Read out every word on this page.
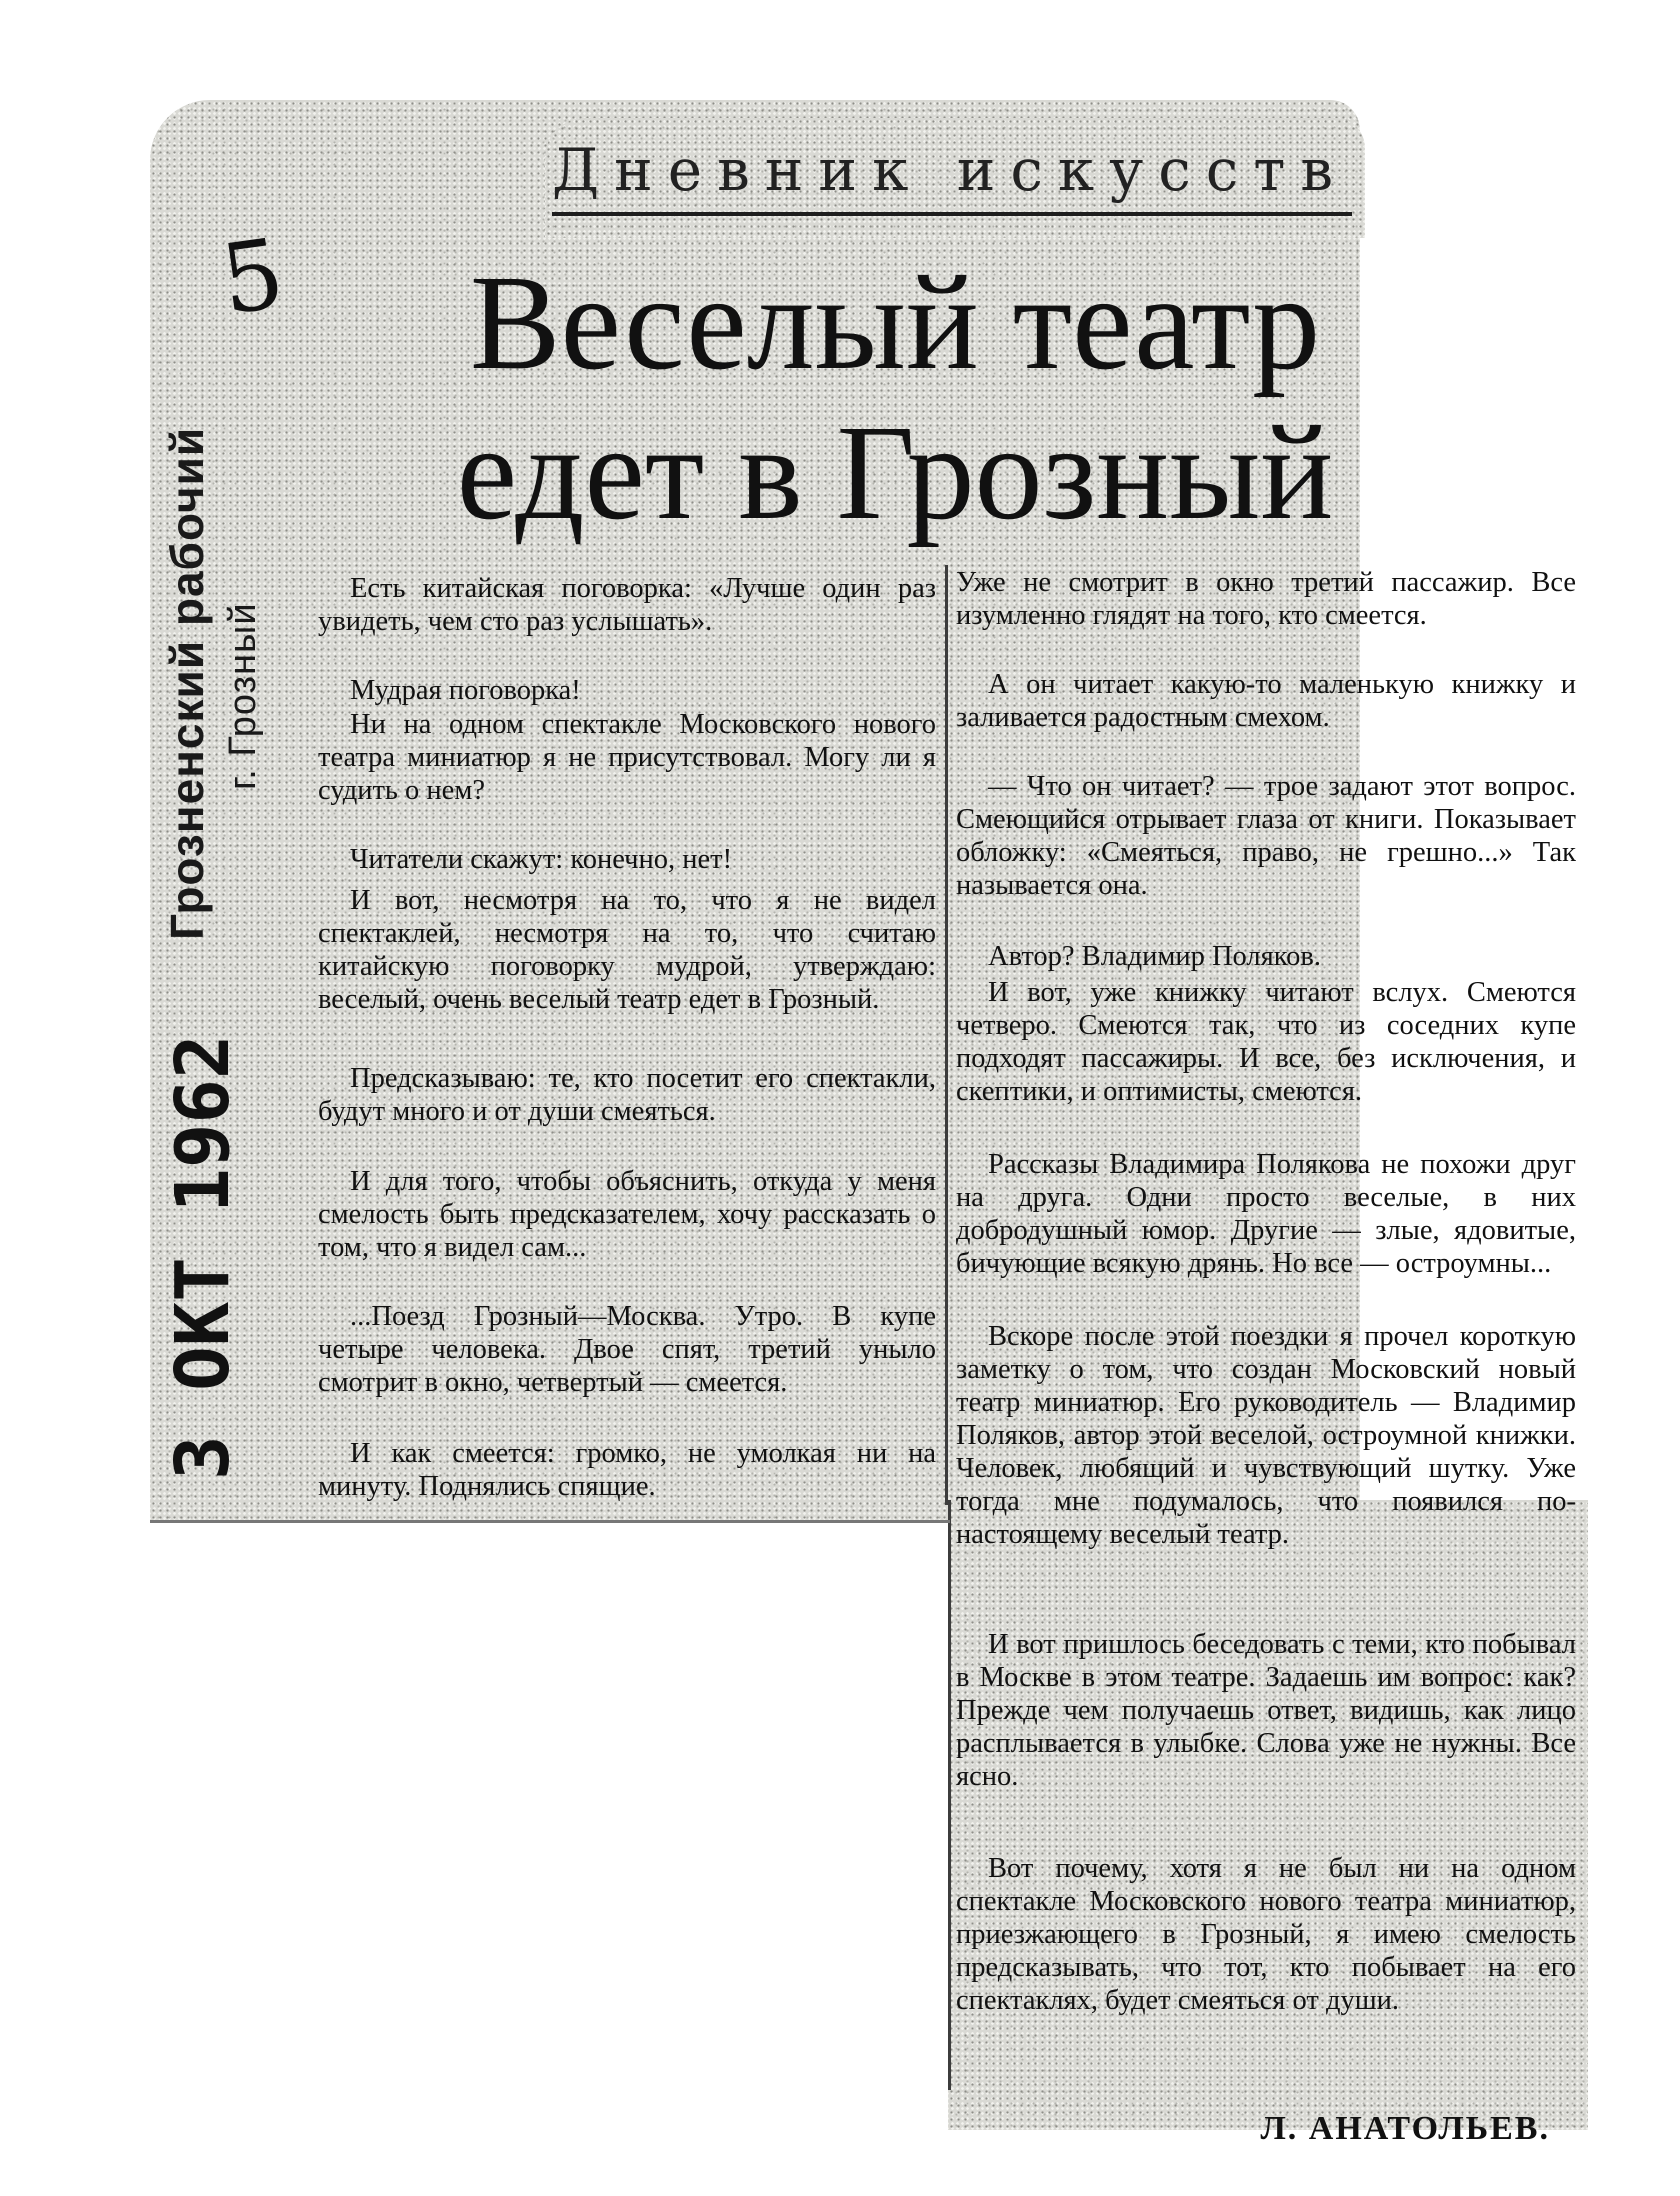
Дневник искусств
5	Веселый театр
едет в Грозный
Грозненский рабочий г. Грозный
3 ОКТ 1962

Есть китайская поговорка: «Лучше один раз увидеть, чем сто раз услышать».

Мудрая поговорка!

Ни на одном спектакле Московского нового театра миниатюр я не присутствовал. Могу ли я судить о нем?

Читатели скажут: конечно, нет!

И вот, несмотря на то, что я не видел спектаклей, несмотря на то, что считаю китайскую поговорку мудрой, утверждаю: веселый, очень веселый театр едет в Грозный.

Предсказываю: те, кто посетит его спектакли, будут много и от души смеяться.

И для того, чтобы объяснить, откуда у меня смелость быть предсказателем, хочу рассказать о том, что я видел сам...

...Поезд Грозный—Москва. Утро. В купе четыре человека. Двое спят, третий уныло смотрит в окно, четвертый — смеется.

И как смеется: громко, не умолкая ни на минуту. Поднялись спящие.

Уже не смотрит в окно третий пассажир. Все изумленно глядят на того, кто смеется.

А он читает какую-то маленькую книжку и заливается радостным смехом.

— Что он читает? — трое задают этот вопрос. Смеющийся отрывает глаза от книги. Показывает обложку: «Смеяться, право, не грешно...» Так называется она.

Автор? Владимир Поляков.

И вот, уже книжку читают вслух. Смеются четверо. Смеются так, что из соседних купе подходят пассажиры. И все, без исключения, и скептики, и оптимисты, смеются.

Рассказы Владимира Полякова не похожи друг на друга. Одни просто веселые, в них добродушный юмор. Другие — злые, ядовитые, бичующие всякую дрянь. Но все — остроумны...

Вскоре после этой поездки я прочел короткую заметку о том, что создан Московский новый театр миниатюр. Его руководитель — Владимир Поляков, автор этой веселой, остроумной книжки. Человек, любящий и чувствующий шутку. Уже тогда мне подумалось, что появился по-настоящему веселый театр.

И вот пришлось беседовать с теми, кто побывал в Москве в этом театре. Задаешь им вопрос: как? Прежде чем получаешь ответ, видишь, как лицо расплывается в улыбке. Слова уже не нужны. Все ясно.

Вот почему, хотя я не был ни на одном спектакле Московского нового театра миниатюр, приезжающего в Грозный, я имею смелость предсказывать, что тот, кто побывает на его спектаклях, будет смеяться от души.

Л. АНАТОЛЬЕВ.
